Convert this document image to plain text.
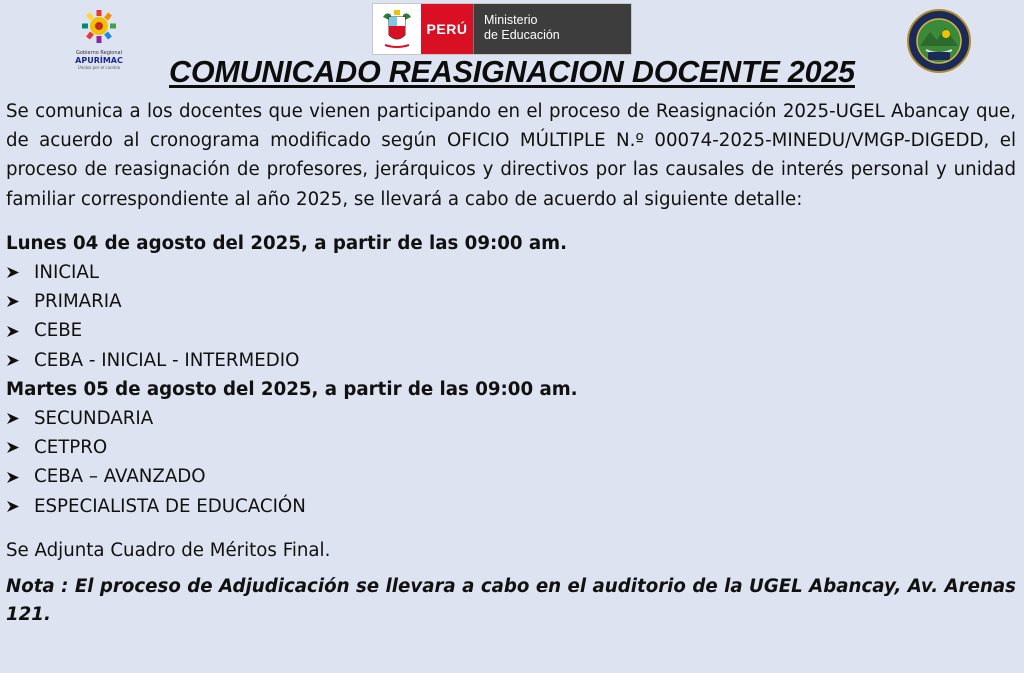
Gobierno Regional
APURÍMAC
Unidos por el cambio
PERÚ
Ministerio
de Educación
COMUNICADO REASIGNACION DOCENTE 2025

Se comunica a los docentes que vienen participando en el proceso de Reasignación 2025-UGEL Abancay que, de acuerdo al cronograma modificado según OFICIO MÚLTIPLE N.º 00074-2025-MINEDU/VMGP-DIGEDD, el proceso de reasignación de profesores, jerárquicos y directivos por las causales de interés personal y unidad familiar correspondiente al año 2025, se llevará a cabo de acuerdo al siguiente detalle:

Lunes 04 de agosto del 2025, a partir de las 09:00 am.

INICIAL
PRIMARIA
CEBE
CEBA - INICIAL - INTERMEDIO

Martes 05 de agosto del 2025, a partir de las 09:00 am.

SECUNDARIA
CETPRO
CEBA – AVANZADO
ESPECIALISTA DE EDUCACIÓN

Se Adjunta Cuadro de Méritos Final.

Nota : El proceso de Adjudicación se llevara a cabo en el auditorio de la UGEL Abancay, Av. Arenas 121.
